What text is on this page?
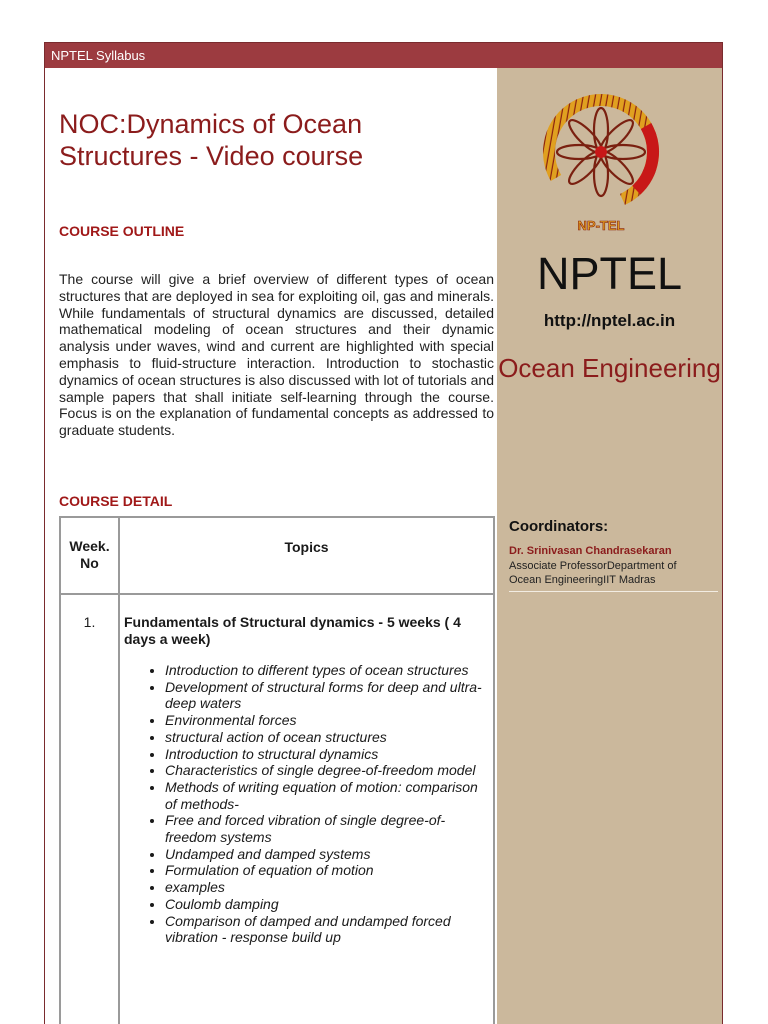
NPTEL Syllabus
NOC:Dynamics of Ocean Structures - Video course
COURSE OUTLINE
The course will give a brief overview of different types of ocean structures that are deployed in sea for exploiting oil, gas and minerals. While fundamentals of structural dynamics are discussed, detailed mathematical modeling of ocean structures and their dynamic analysis under waves, wind and current are highlighted with special emphasis to fluid-structure interaction. Introduction to stochastic dynamics of ocean structures is also discussed with lot of tutorials and sample papers that shall initiate self-learning through the course. Focus is on the explanation of fundamental concepts as addressed to graduate students.
COURSE DETAIL
Week. No
Topics
1.	Fundamentals of Structural dynamics - 5 weeks ( 4 days a week)
• Introduction to different types of ocean structures
• Development of structural forms for deep and ultra-deep waters
• Environmental forces
• structural action of ocean structures
• Introduction to structural dynamics
• Characteristics of single degree-of-freedom model
• Methods of writing equation of motion: comparison of methods-
• Free and forced vibration of single degree-of-freedom systems
• Undamped and damped systems
• Formulation of equation of motion
• examples
• Coulomb damping
• Comparison of damped and undamped forced vibration - response build up
NP-TEL
NPTEL
http://nptel.ac.in
Ocean Engineering
Coordinators:
Dr. Srinivasan Chandrasekaran
Associate ProfessorDepartment of Ocean EngineeringIIT Madras
